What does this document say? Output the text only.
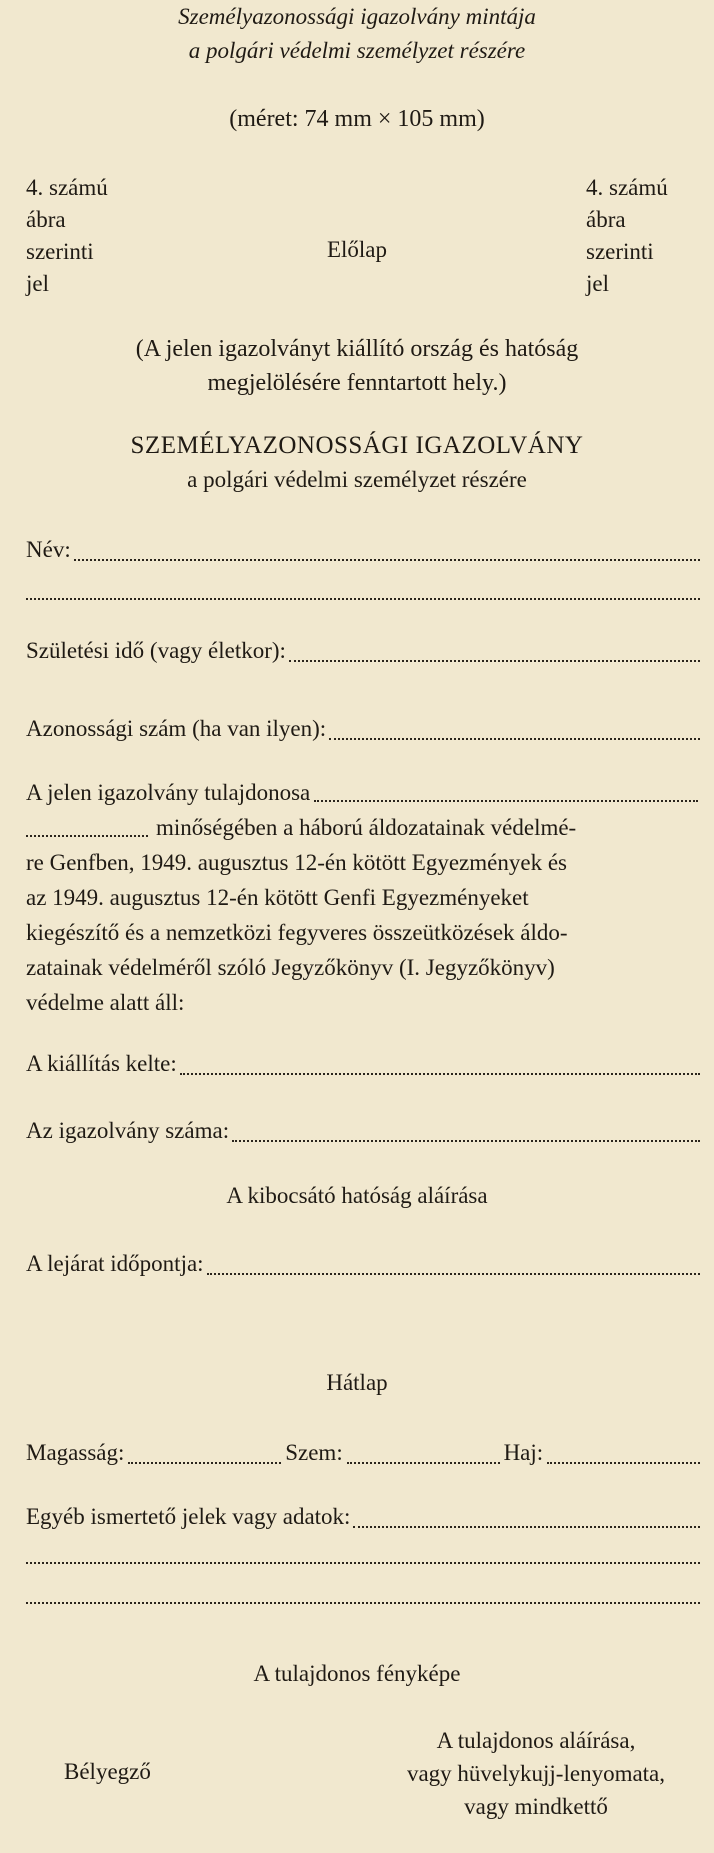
Személyazonossági igazolvány mintája
a polgári védelmi személyzet részére
(méret: 74 mm × 105 mm)
4. számú
ábra
szerinti
jel
Előlap
4. számú
ábra
szerinti
jel
(A jelen igazolványt kiállító ország és hatóság
megjelölésére fenntartott hely.)
SZEMÉLYAZONOSSÁGI IGAZOLVÁNY
a polgári védelmi személyzet részére
Név:
Születési idő (vagy életkor):
Azonossági szám (ha van ilyen):
A jelen igazolvány tulajdonosa
minőségében a háború áldozatainak védelmé-
re Genfben, 1949. augusztus 12-én kötött Egyezmények és
az 1949. augusztus 12-én kötött Genfi Egyezményeket
kiegészítő és a nemzetközi fegyveres összeütközések áldo-
zatainak védelméről szóló Jegyzőkönyv (I. Jegyzőkönyv)
védelme alatt áll:
A kiállítás kelte:
Az igazolvány száma:
A kibocsátó hatóság aláírása
A lejárat időpontja:
Hátlap
Magasság:	Szem:	Haj:
Egyéb ismertető jelek vagy adatok:
A tulajdonos fényképe
A tulajdonos aláírása,
vagy hüvelykujj-lenyomata,
vagy mindkettő
Bélyegző
